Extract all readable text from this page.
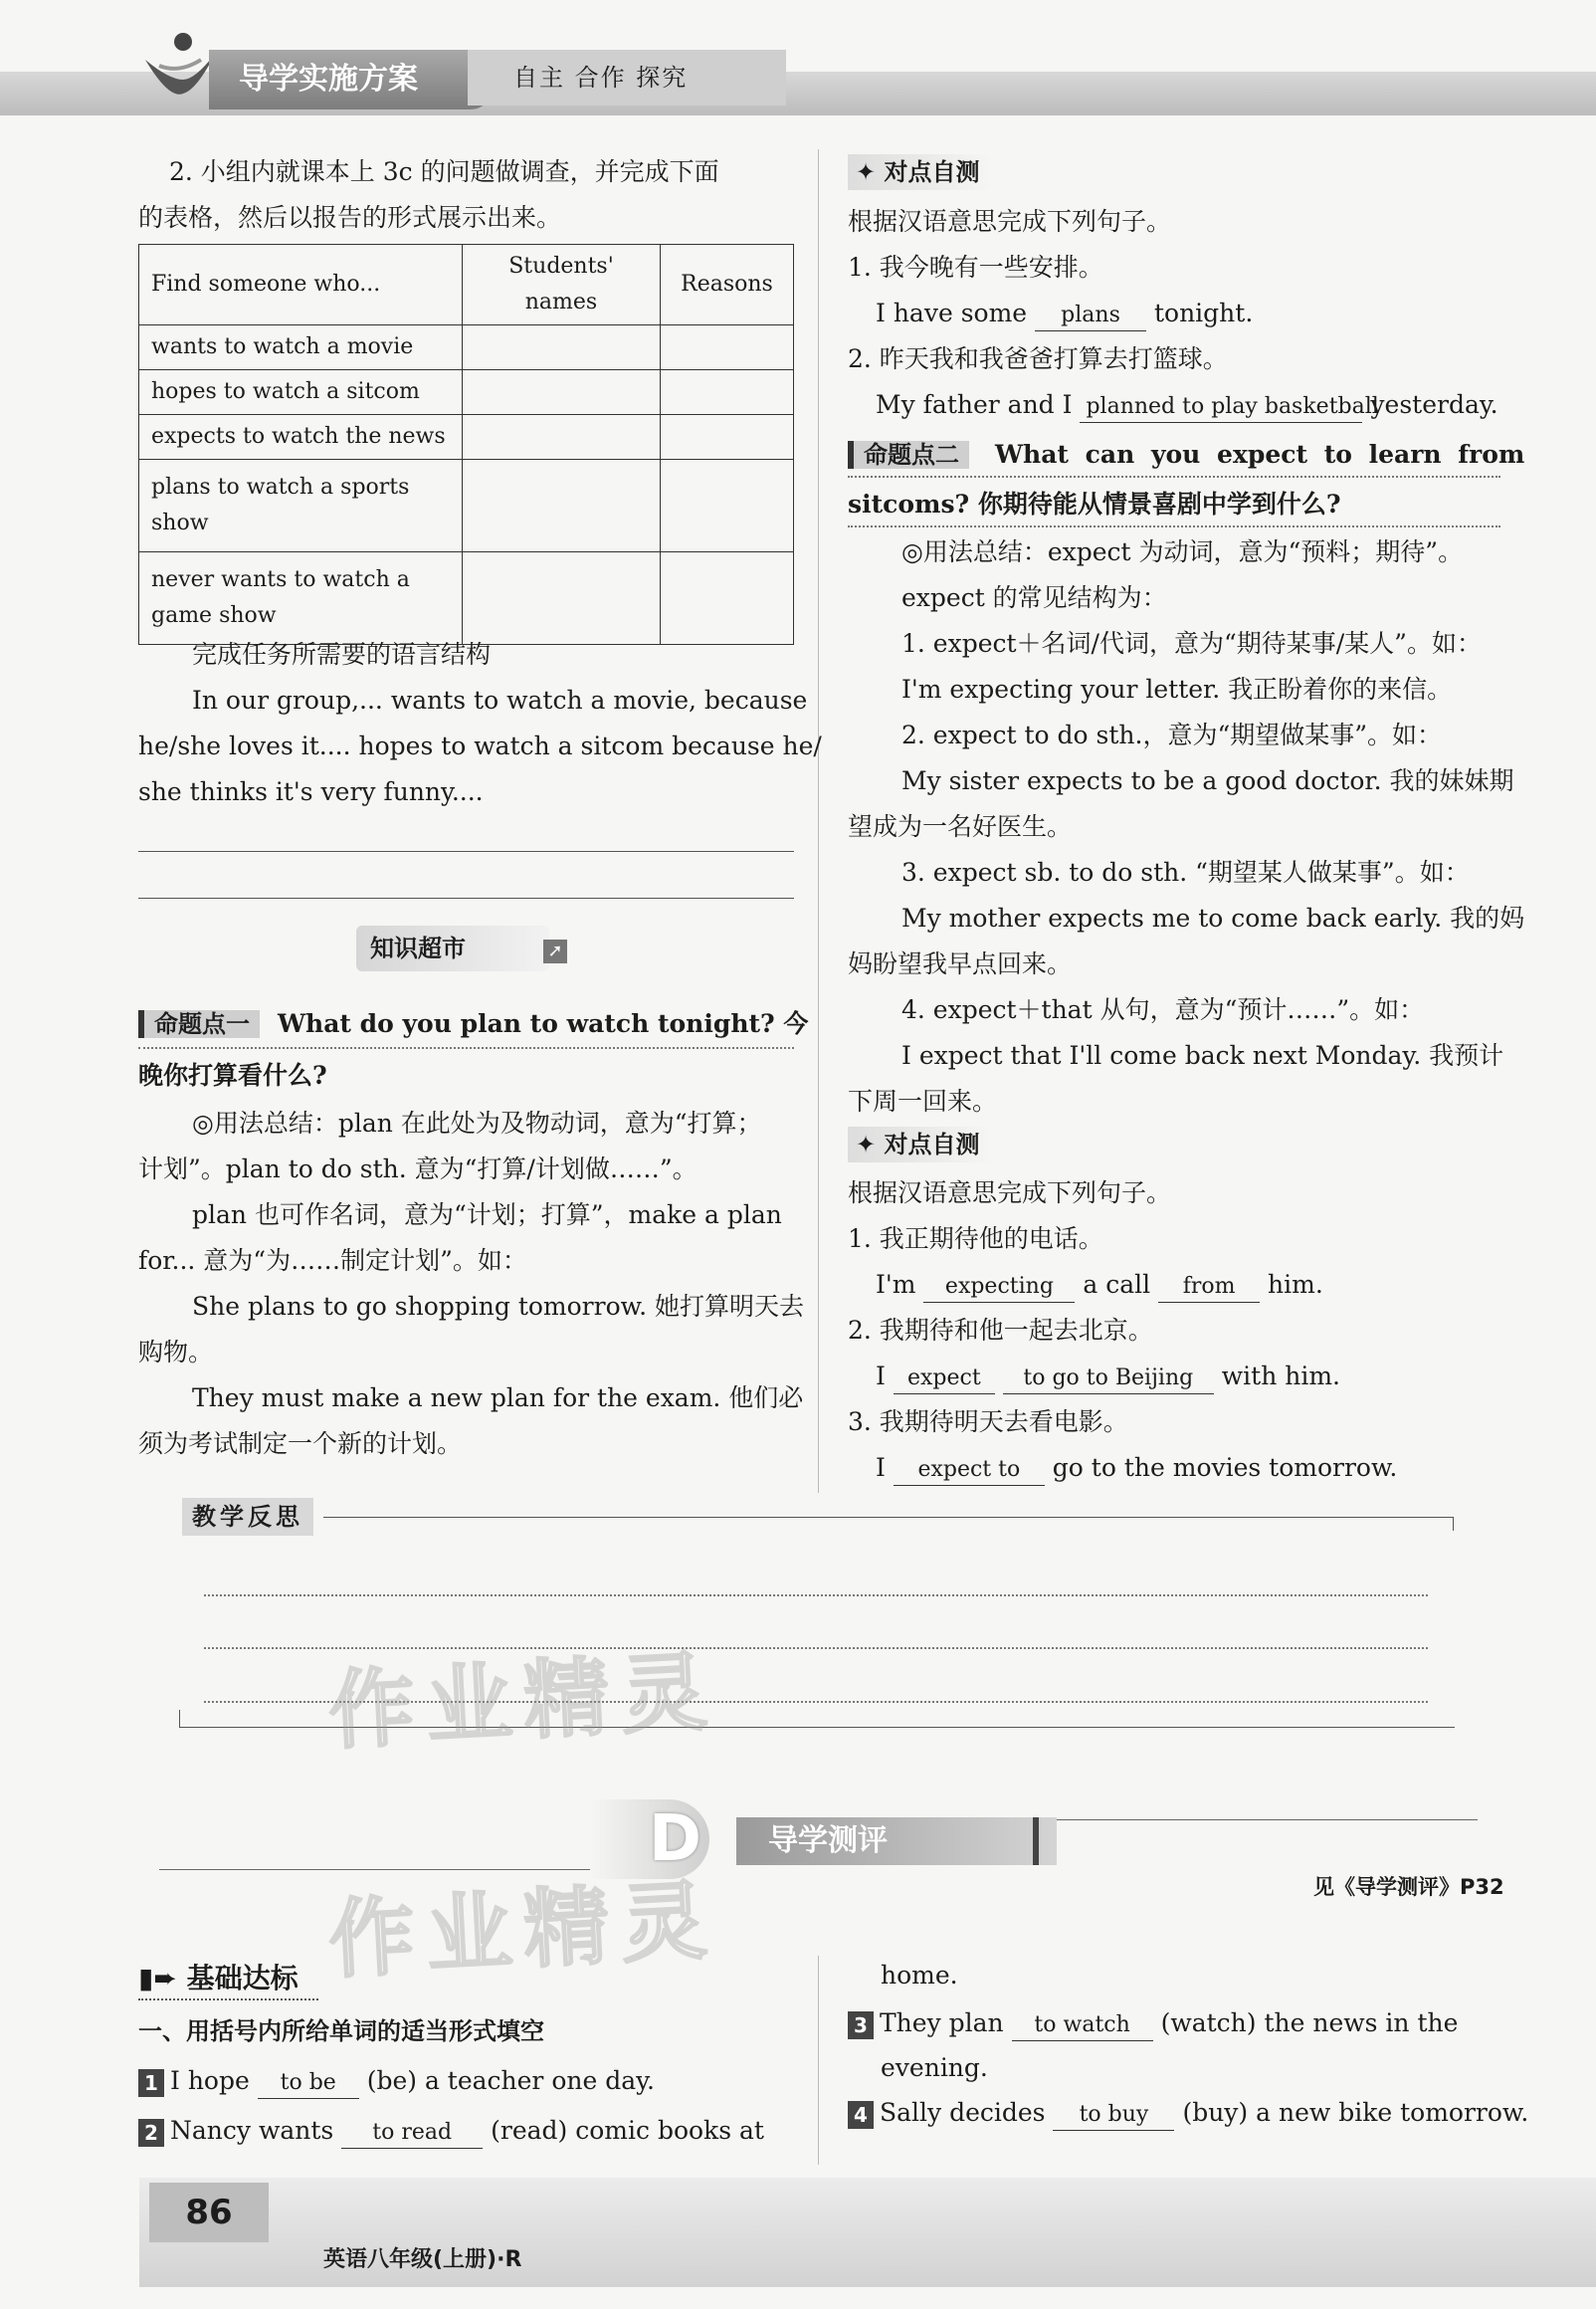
导学实施方案	自主 合作 探究
2. 小组内就课本上 3c 的问题做调查，并完成下面
的表格，然后以报告的形式展示出来。
Find someone who...	Students' names	Reasons
wants to watch a movie		
hopes to watch a sitcom		
expects to watch the news		
plans to watch a sports show		
never wants to watch a game show		
完成任务所需要的语言结构
In our group,... wants to watch a movie, because
he/she loves it.... hopes to watch a sitcom because he/
she thinks it's very funny....
知识超市	➚
命题点一 What do you plan to watch tonight? 今
晚你打算看什么?
◎用法总结：plan 在此处为及物动词，意为“打算；
计划”。plan to do sth. 意为“打算/计划做……”。
plan 也可作名词，意为“计划；打算”，make a plan
for... 意为“为……制定计划”。如：
She plans to go shopping tomorrow. 她打算明天去
购物。
They must make a new plan for the exam. 他们必
须为考试制定一个新的计划。
✦ 对点自测
根据汉语意思完成下列句子。
1. 我今晚有一些安排。
I have some plans tonight.
2. 昨天我和我爸爸打算去打篮球。
My father and I planned to play basketball yesterday.
命题点二 What can you expect to learn from
sitcoms? 你期待能从情景喜剧中学到什么?
◎用法总结：expect 为动词，意为“预料；期待”。
expect 的常见结构为：
1. expect＋名词/代词，意为“期待某事/某人”。如：
I'm expecting your letter. 我正盼着你的来信。
2. expect to do sth.，意为“期望做某事”。如：
My sister expects to be a good doctor. 我的妹妹期
望成为一名好医生。
3. expect sb. to do sth. “期望某人做某事”。如：
My mother expects me to come back early. 我的妈
妈盼望我早点回来。
4. expect＋that 从句，意为“预计……”。如：
I expect that I'll come back next Monday. 我预计
下周一回来。
✦ 对点自测
根据汉语意思完成下列句子。
1. 我正期待他的电话。
I'm expecting a call from him.
2. 我期待和他一起去北京。
I expect to go to Beijing with him.
3. 我期待明天去看电影。
I expect to go to the movies tomorrow.
教学反思
D	导学测评
见《导学测评》P32
▮➨ 基础达标
一、用括号内所给单词的适当形式填空
1 I hope to be (be) a teacher one day.
2 Nancy wants to read (read) comic books at
home.
3 They plan to watch (watch) the news in the
evening.
4 Sally decides to buy (buy) a new bike tomorrow.
作业精灵
作业精灵
86
英语八年级(上册)·R
